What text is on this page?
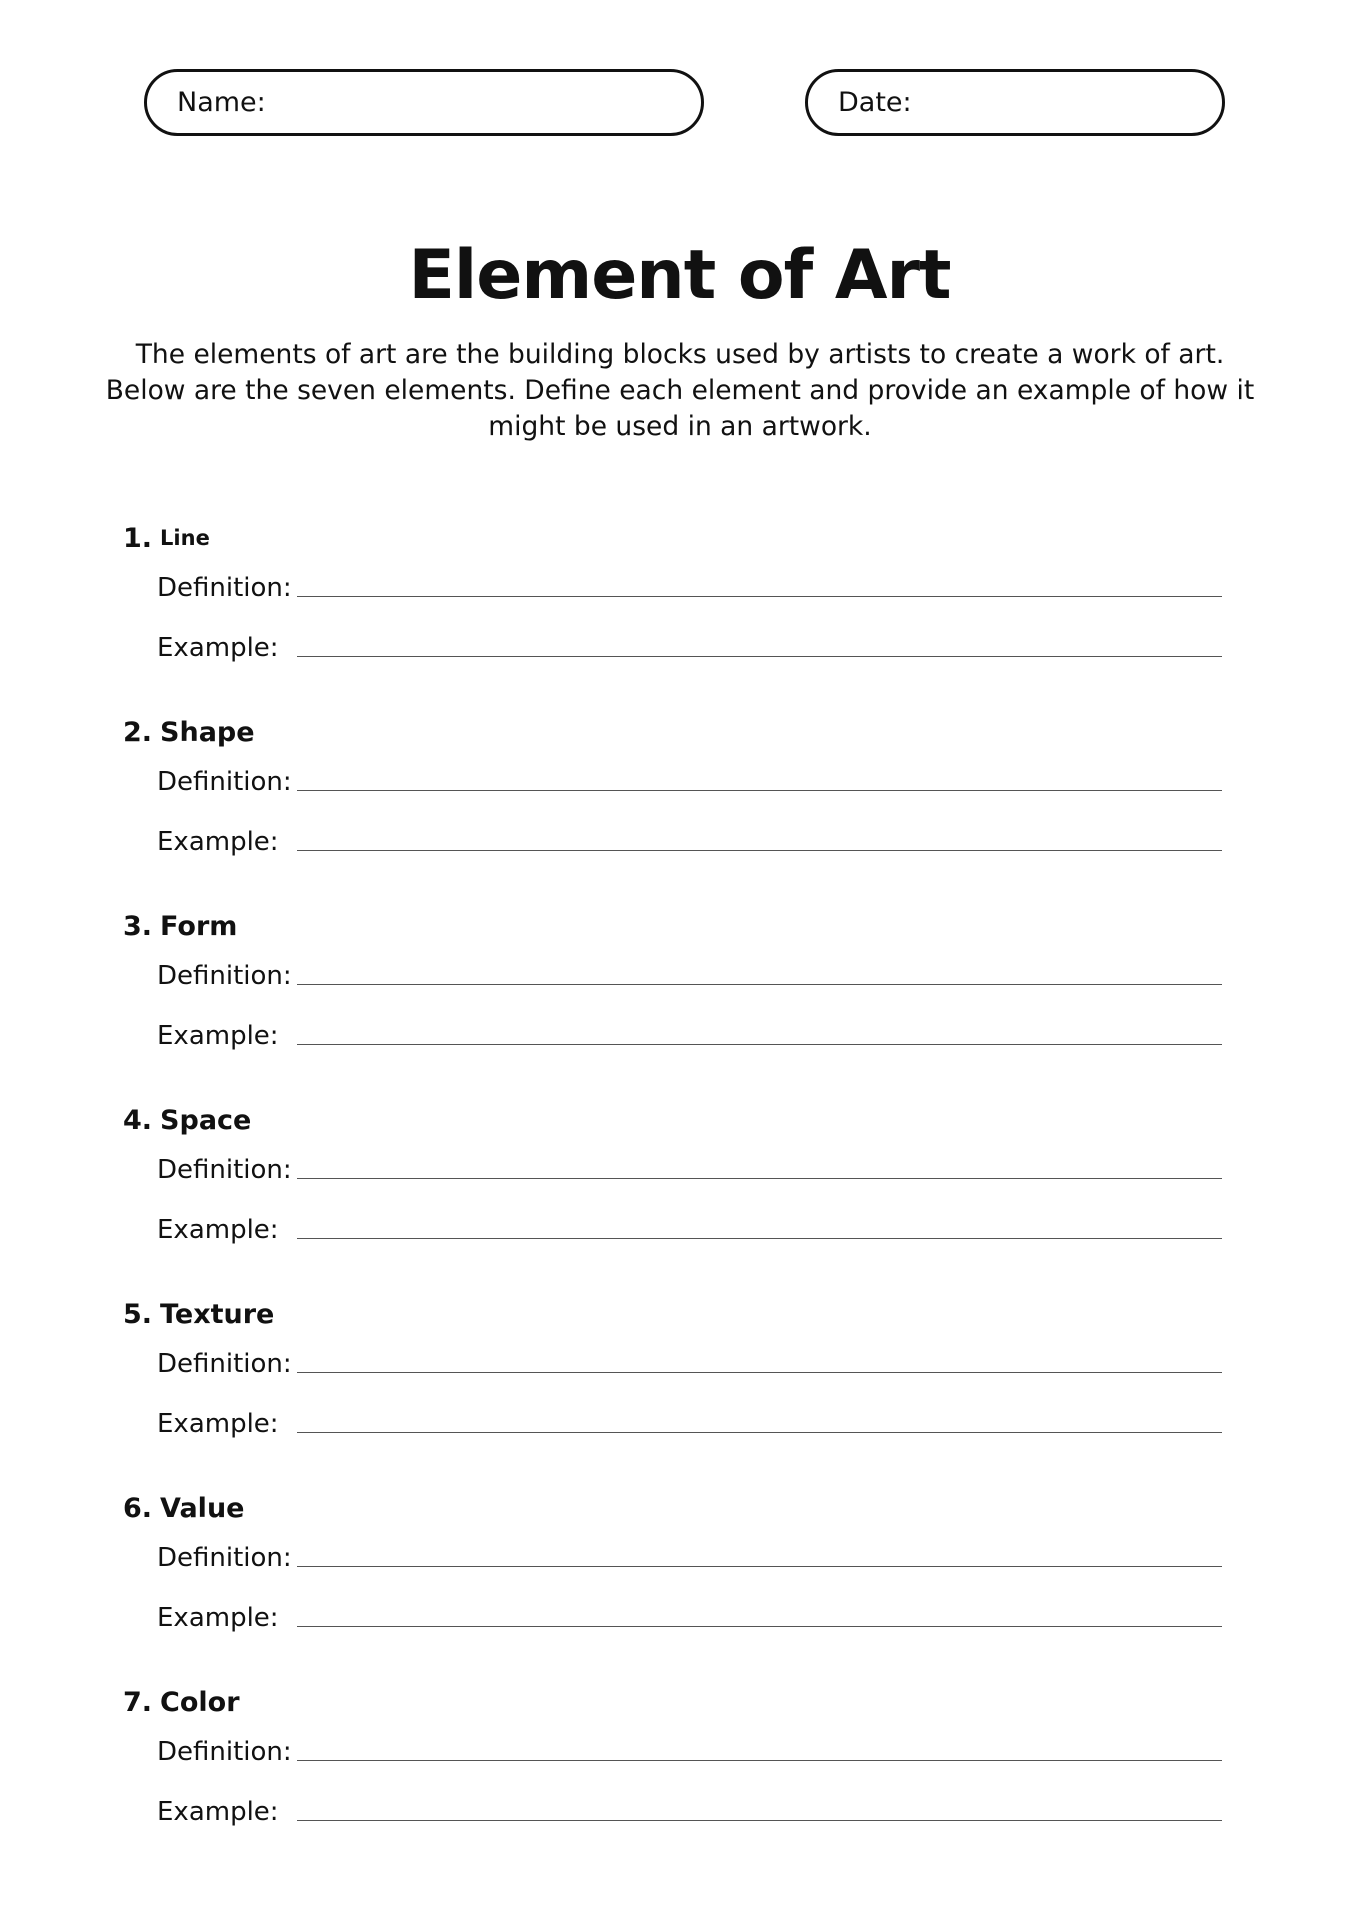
Name:	Date:
Element of Art

The elements of art are the building blocks used by artists to create a work of art. Below are the seven elements. Define each element and provide an example of how it might be used in an artwork.

1. Line
Definition:
Example:
2. Shape
Definition:
Example:
3. Form
Definition:
Example:
4. Space
Definition:
Example:
5. Texture
Definition:
Example:
6. Value
Definition:
Example:
7. Color
Definition:
Example:
